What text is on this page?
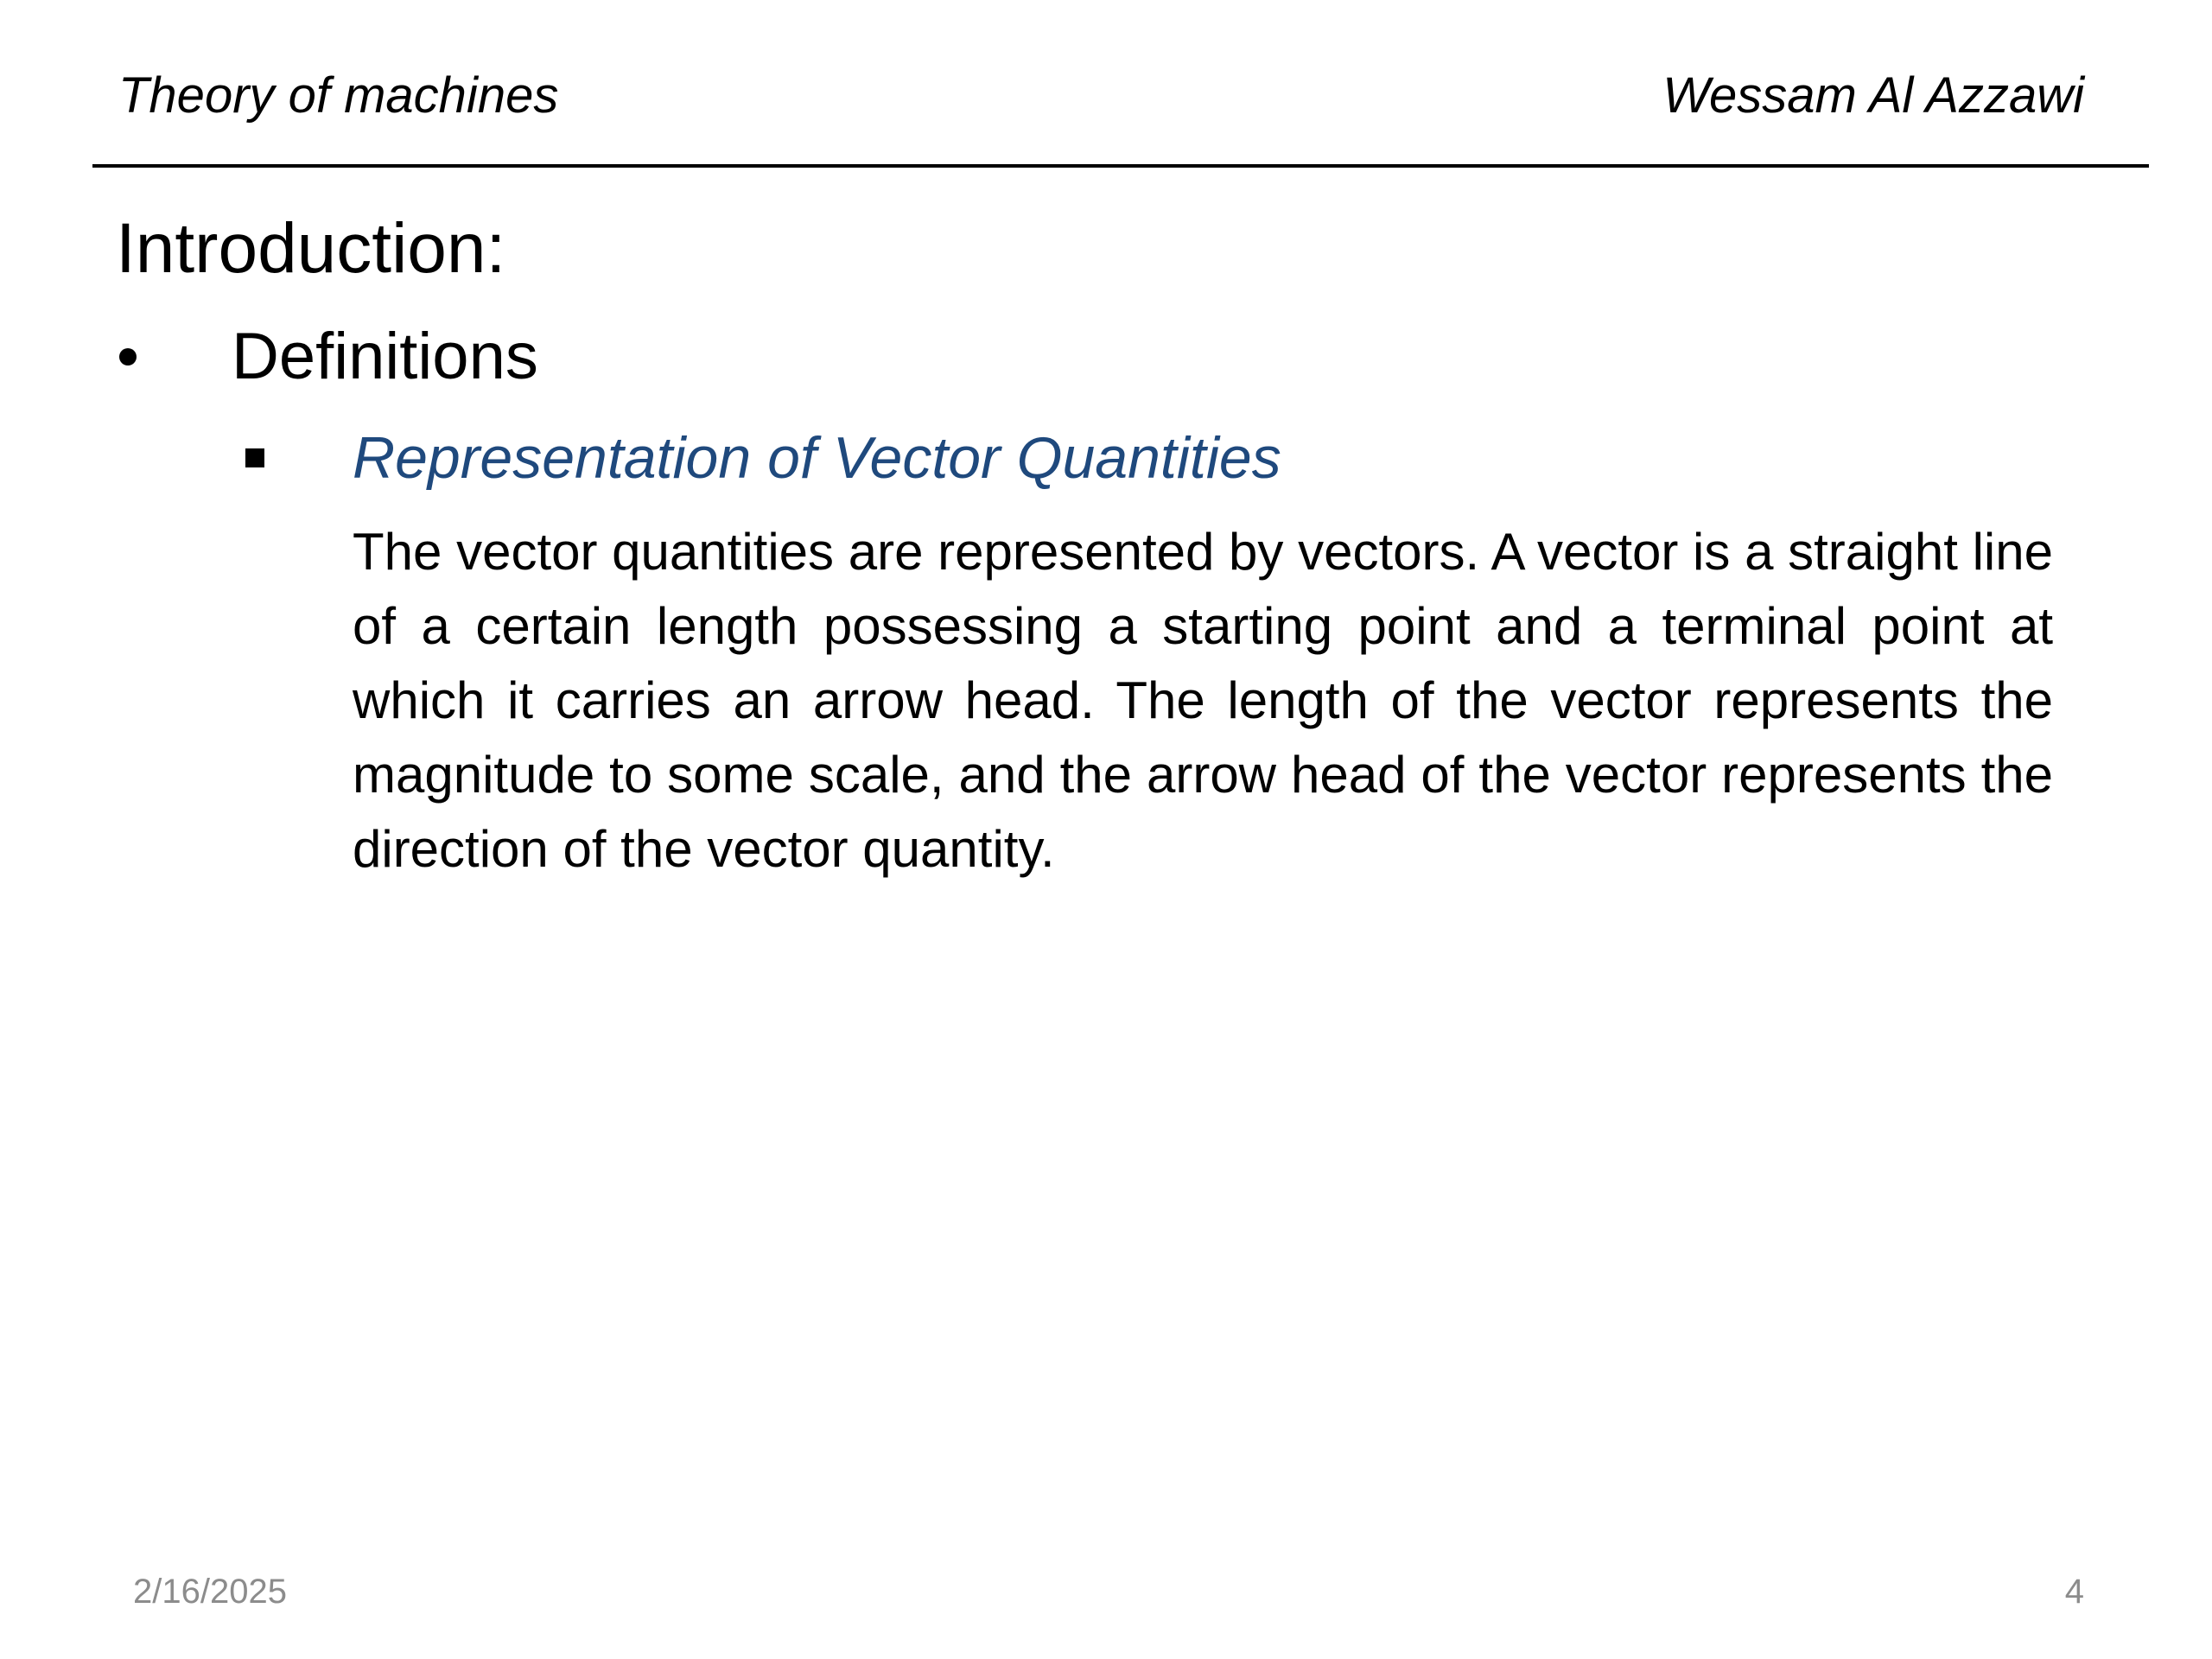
Theory of machines	Wessam Al Azzawi
Introduction:
Definitions
Representation of Vector Quantities

The vector quantities are represented by vectors. A vector is a straight line of a certain length possessing a starting point and a terminal point at which it carries an arrow head. The length of the vector represents the magnitude to some scale, and the arrow head of the vector represents the direction of the vector quantity.

2/16/2025	4
